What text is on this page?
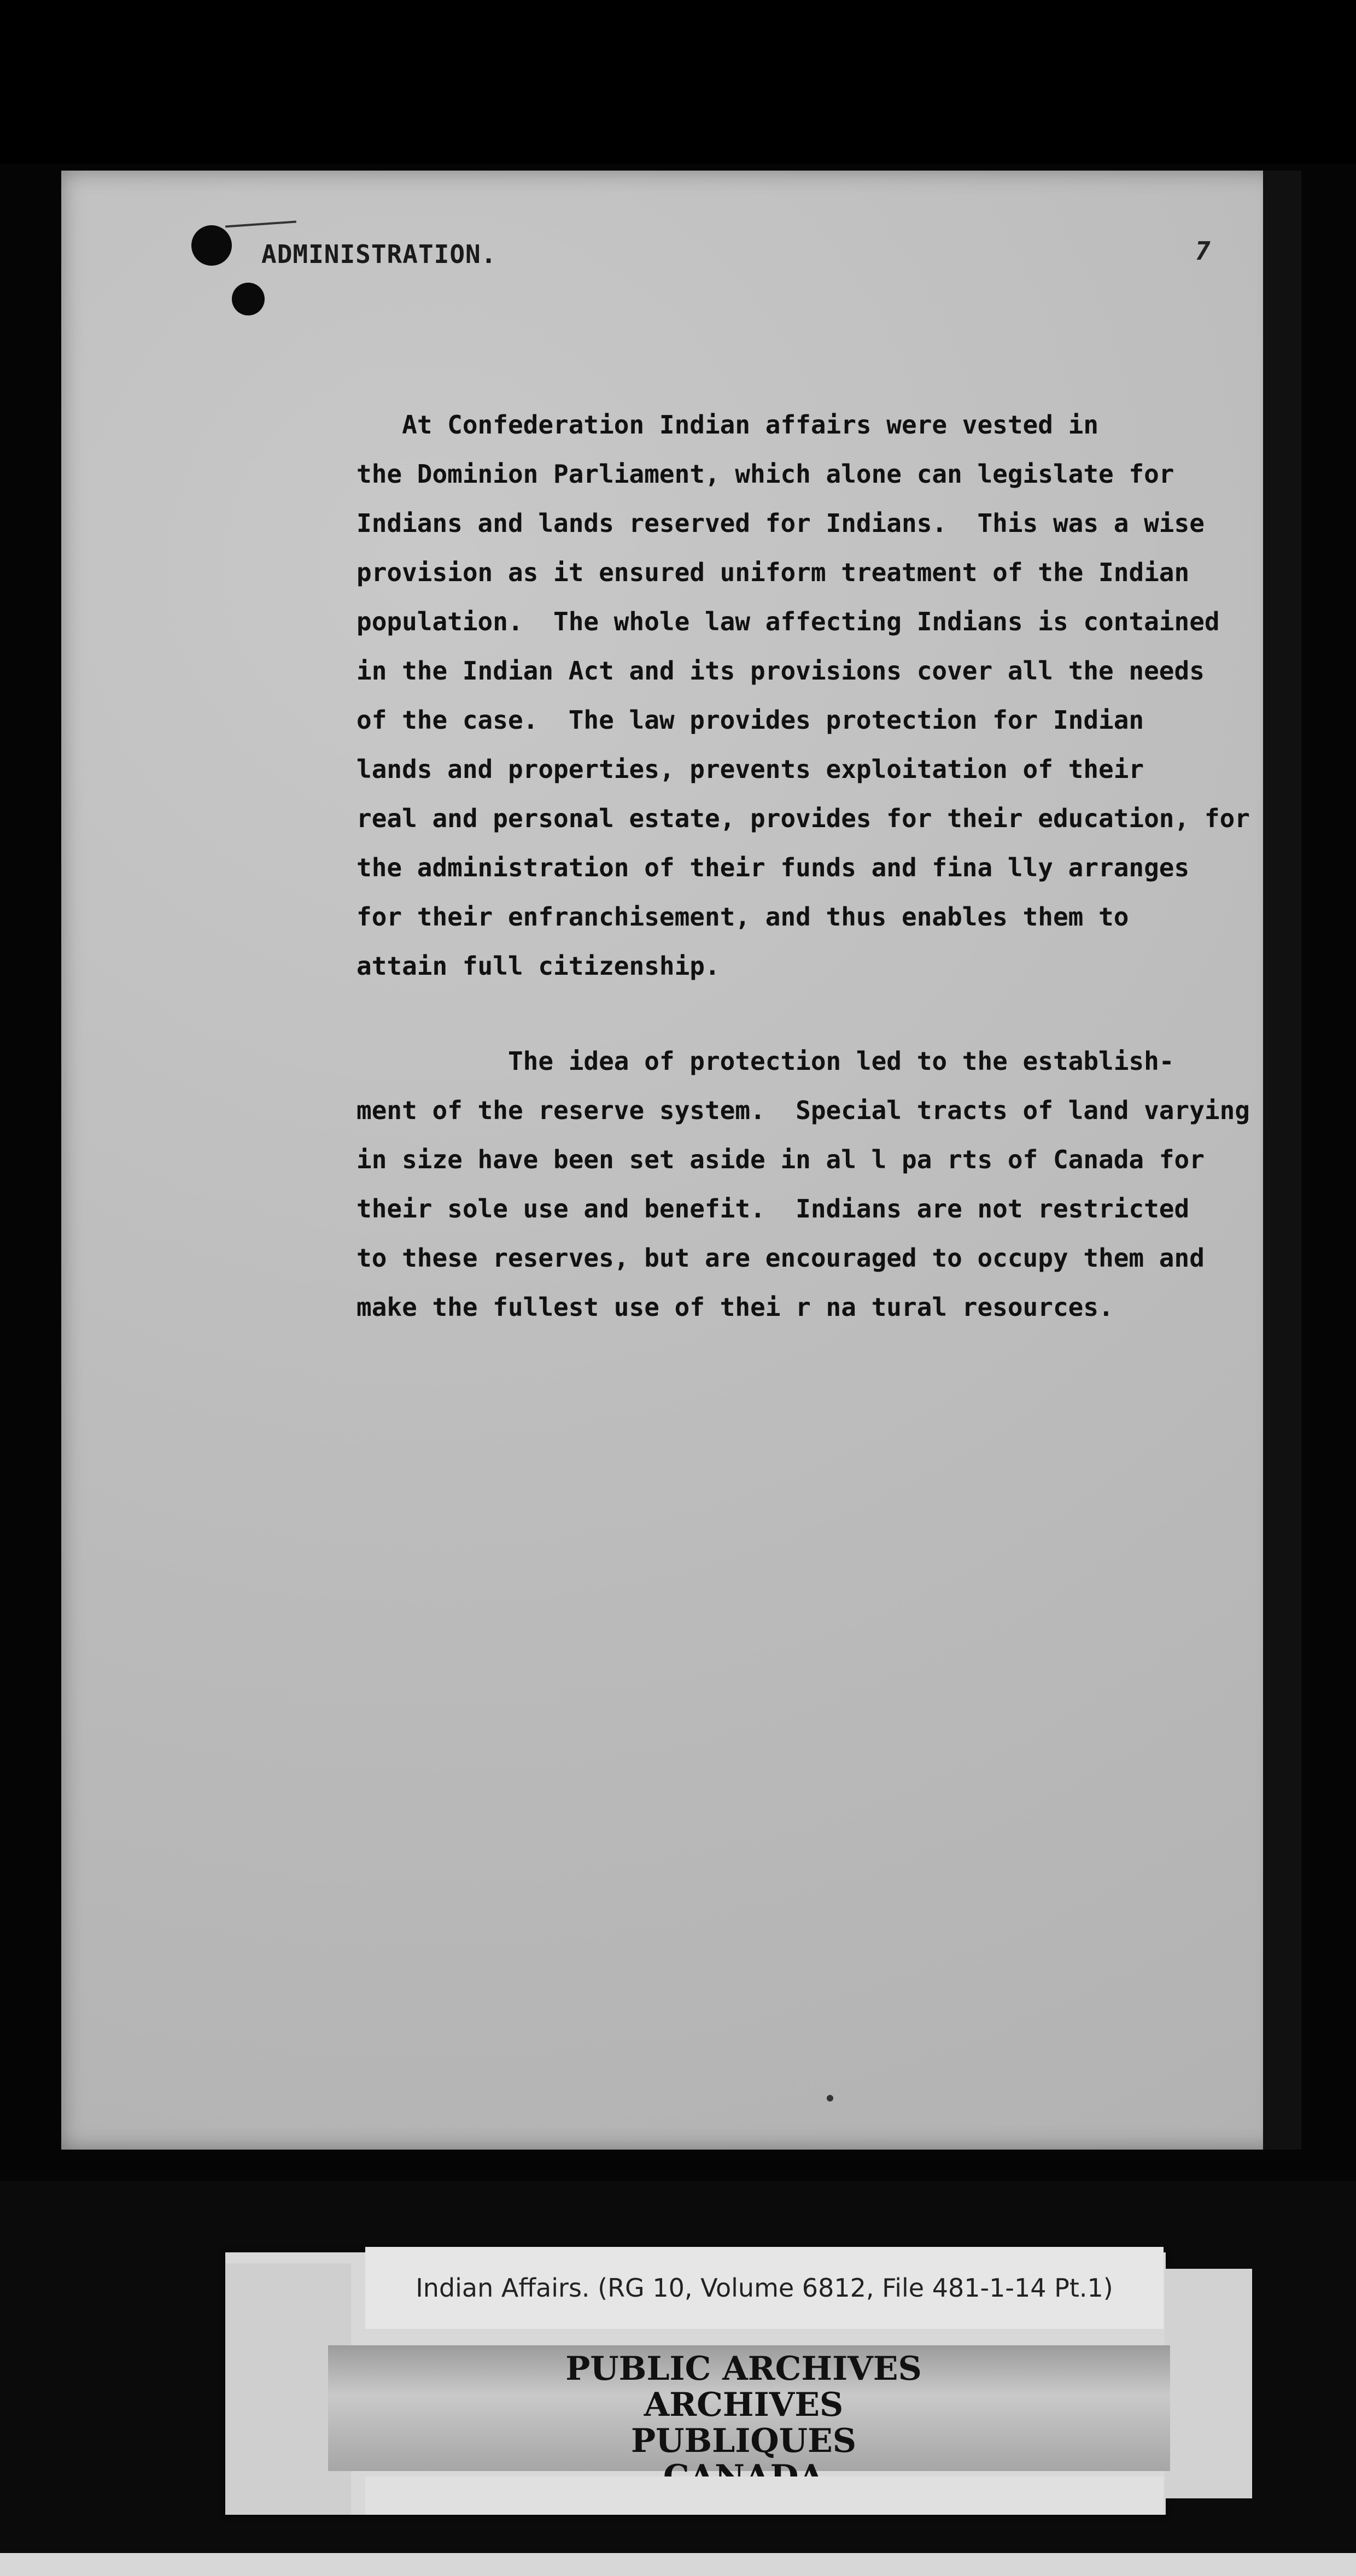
ADMINISTRATION.	7

At Confederation Indian affairs were vested in
the Dominion Parliament, which alone can legislate for
Indians and lands reserved for Indians.  This was a wise
provision as it ensured uniform treatment of the Indian
population.  The whole law affecting Indians is contained
in the Indian Act and its provisions cover all the needs
of the case.  The law provides protection for Indian
lands and properties, prevents exploitation of their
real and personal estate, provides for their education, for
the administration of their funds and fina lly arranges
for their enfranchisement, and thus enables them to
attain full citizenship.

The idea of protection led to the establish-
ment of the reserve system.  Special tracts of land varying
in size have been set aside in al l pa rts of Canada for
their sole use and benefit.  Indians are not restricted
to these reserves, but are encouraged to occupy them and
make the fullest use of thei r na tural resources.

Indian Affairs. (RG 10, Volume 6812, File 481-1-14 Pt.1)
PUBLIC ARCHIVES
ARCHIVES PUBLIQUES
